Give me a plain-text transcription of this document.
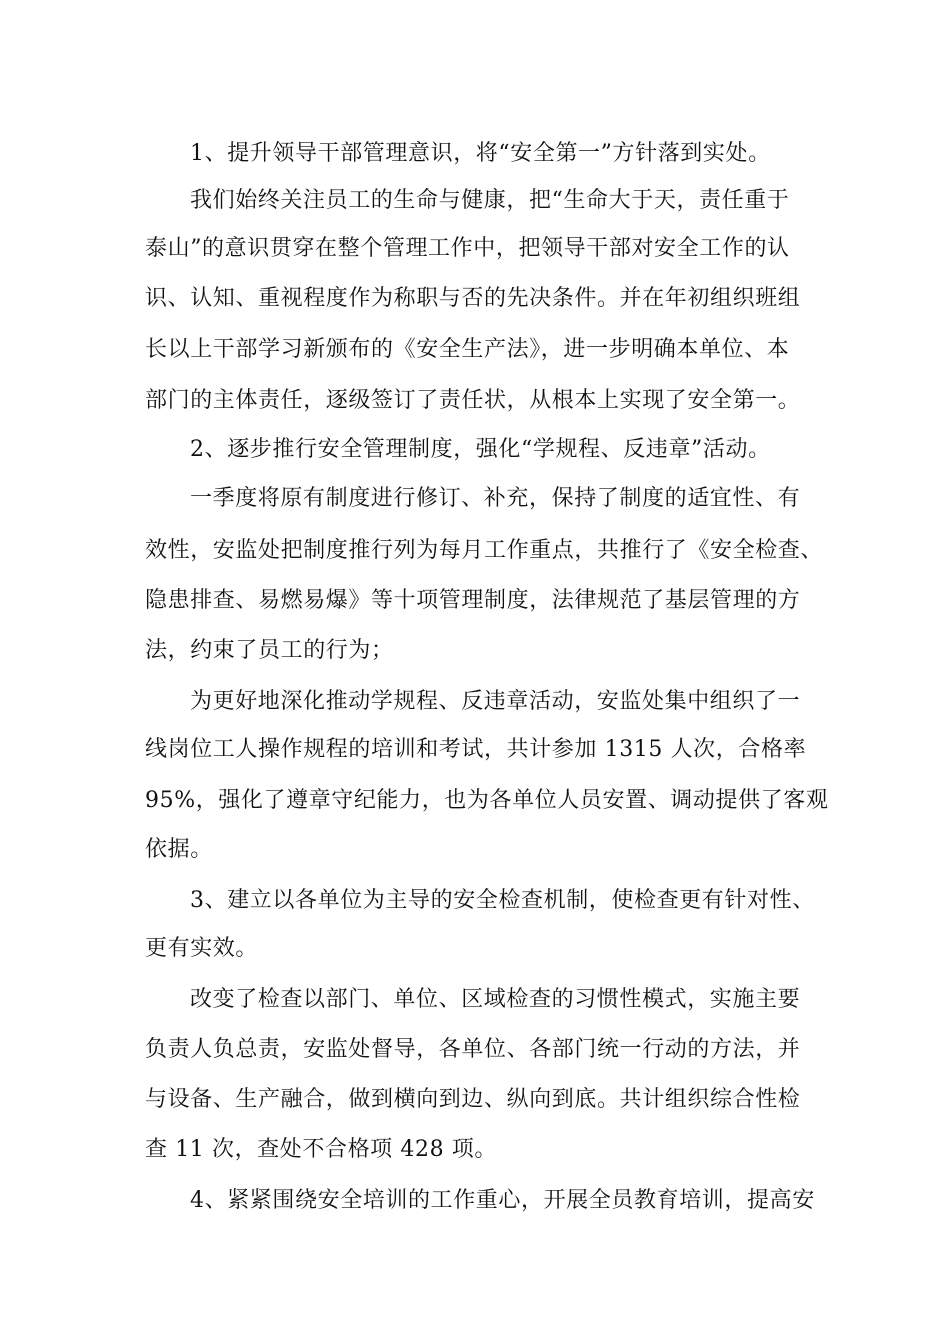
1、提升领导干部管理意识，将“安全第一”方针落到实处。
我们始终关注员工的生命与健康，把“生命大于天，责任重于
泰山”的意识贯穿在整个管理工作中，把领导干部对安全工作的认
识、认知、重视程度作为称职与否的先决条件。并在年初组织班组
长以上干部学习新颁布的《安全生产法》，进一步明确本单位、本
部门的主体责任，逐级签订了责任状，从根本上实现了安全第一。
2、逐步推行安全管理制度，强化“学规程、反违章”活动。
一季度将原有制度进行修订、补充，保持了制度的适宜性、有
效性，安监处把制度推行列为每月工作重点，共推行了《安全检查、
隐患排查、易燃易爆》等十项管理制度，法律规范了基层管理的方
法，约束了员工的行为；
为更好地深化推动学规程、反违章活动，安监处集中组织了一
线岗位工人操作规程的培训和考试，共计参加 1315 人次，合格率
95%，强化了遵章守纪能力，也为各单位人员安置、调动提供了客观
依据。
3、建立以各单位为主导的安全检查机制，使检查更有针对性、
更有实效。
改变了检查以部门、单位、区域检查的习惯性模式，实施主要
负责人负总责，安监处督导，各单位、各部门统一行动的方法，并
与设备、生产融合，做到横向到边、纵向到底。共计组织综合性检
查 11 次，查处不合格项 428 项。
4、紧紧围绕安全培训的工作重心，开展全员教育培训，提高安
